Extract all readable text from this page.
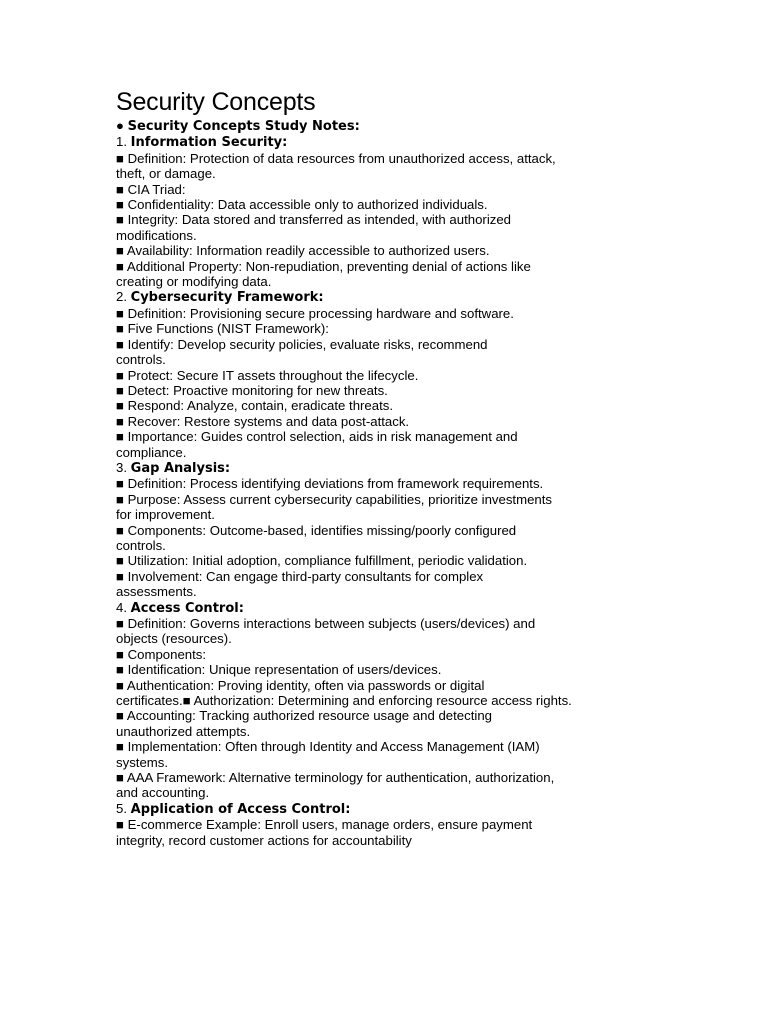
Security Concepts
● Security Concepts Study Notes:
1. Information Security:
■ Definition: Protection of data resources from unauthorized access, attack,
theft, or damage.
■ CIA Triad:
■ Confidentiality: Data accessible only to authorized individuals.
■ Integrity: Data stored and transferred as intended, with authorized
modifications.
■ Availability: Information readily accessible to authorized users.
■ Additional Property: Non-repudiation, preventing denial of actions like
creating or modifying data.
2. Cybersecurity Framework:
■ Definition: Provisioning secure processing hardware and software.
■ Five Functions (NIST Framework):
■ Identify: Develop security policies, evaluate risks, recommend
controls.
■ Protect: Secure IT assets throughout the lifecycle.
■ Detect: Proactive monitoring for new threats.
■ Respond: Analyze, contain, eradicate threats.
■ Recover: Restore systems and data post-attack.
■ Importance: Guides control selection, aids in risk management and
compliance.
3. Gap Analysis:
■ Definition: Process identifying deviations from framework requirements.
■ Purpose: Assess current cybersecurity capabilities, prioritize investments
for improvement.
■ Components: Outcome-based, identifies missing/poorly configured
controls.
■ Utilization: Initial adoption, compliance fulfillment, periodic validation.
■ Involvement: Can engage third-party consultants for complex
assessments.
4. Access Control:
■ Definition: Governs interactions between subjects (users/devices) and
objects (resources).
■ Components:
■ Identification: Unique representation of users/devices.
■ Authentication: Proving identity, often via passwords or digital
certificates.■ Authorization: Determining and enforcing resource access rights.
■ Accounting: Tracking authorized resource usage and detecting
unauthorized attempts.
■ Implementation: Often through Identity and Access Management (IAM)
systems.
■ AAA Framework: Alternative terminology for authentication, authorization,
and accounting.
5. Application of Access Control:
■ E-commerce Example: Enroll users, manage orders, ensure payment
integrity, record customer actions for accountability
